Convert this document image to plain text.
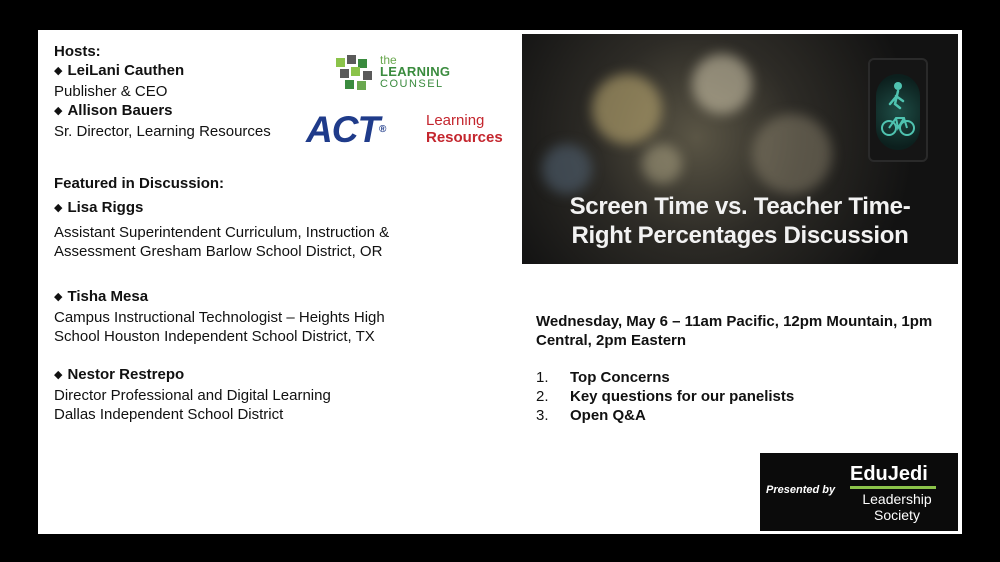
Hosts:
◆ LeiLani Cauthen
Publisher & CEO
◆ Allison Bauers
Sr. Director, Learning Resources
Featured in Discussion:
◆ Lisa Riggs
Assistant Superintendent Curriculum, Instruction &
Assessment Gresham Barlow School District, OR
◆ Tisha Mesa
Campus Instructional Technologist – Heights High
School Houston Independent School District, TX
◆ Nestor Restrepo
Director Professional and Digital Learning
Dallas Independent School District
the
LEARNING
COUNSEL
ACT®
Learning
Resources
Screen Time vs. Teacher Time-
Right Percentages Discussion
Wednesday, May 6 – 11am Pacific, 12pm Mountain, 1pm
Central, 2pm Eastern
1. Top Concerns
2. Key questions for our panelists
3. Open Q&A
Presented by
EduJedi
Leadership
Society
